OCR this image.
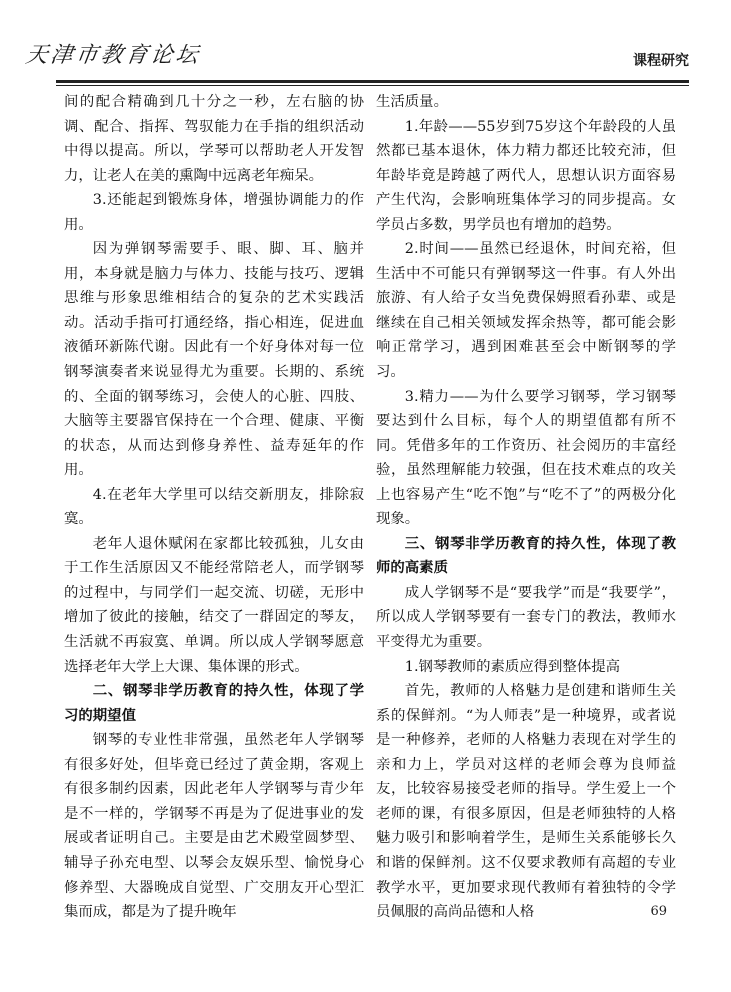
天津市教育论坛	课程研究

间的配合精确到几十分之一秒，左右脑的协调、配合、指挥、驾驭能力在手指的组织活动中得以提高。所以，学琴可以帮助老人开发智力，让老人在美的熏陶中远离老年痴呆。

3.还能起到锻炼身体，增强协调能力的作用。

因为弹钢琴需要手、眼、脚、耳、脑并用，本身就是脑力与体力、技能与技巧、逻辑思维与形象思维相结合的复杂的艺术实践活动。活动手指可打通经络，指心相连，促进血液循环新陈代谢。因此有一个好身体对每一位钢琴演奏者来说显得尤为重要。长期的、系统的、全面的钢琴练习，会使人的心脏、四肢、大脑等主要器官保持在一个合理、健康、平衡的状态，从而达到修身养性、益寿延年的作用。

4.在老年大学里可以结交新朋友，排除寂寞。

老年人退休赋闲在家都比较孤独，儿女由于工作生活原因又不能经常陪老人，而学钢琴的过程中，与同学们一起交流、切磋，无形中增加了彼此的接触，结交了一群固定的琴友，生活就不再寂寞、单调。所以成人学钢琴愿意选择老年大学上大课、集体课的形式。

二、钢琴非学历教育的持久性，体现了学习的期望值

钢琴的专业性非常强，虽然老年人学钢琴有很多好处，但毕竟已经过了黄金期，客观上有很多制约因素，因此老年人学钢琴与青少年是不一样的，学钢琴不再是为了促进事业的发展或者证明自己。主要是由艺术殿堂圆梦型、辅导子孙充电型、以琴会友娱乐型、愉悦身心修养型、大器晚成自觉型、广交朋友开心型汇集而成，都是为了提升晚年

生活质量。

1.年龄——55岁到75岁这个年龄段的人虽然都已基本退休，体力精力都还比较充沛，但年龄毕竟是跨越了两代人，思想认识方面容易产生代沟，会影响班集体学习的同步提高。女学员占多数，男学员也有增加的趋势。

2.时间——虽然已经退休，时间充裕，但生活中不可能只有弹钢琴这一件事。有人外出旅游、有人给子女当免费保姆照看孙辈、或是继续在自己相关领域发挥余热等，都可能会影响正常学习，遇到困难甚至会中断钢琴的学习。

3.精力——为什么要学习钢琴，学习钢琴要达到什么目标，每个人的期望值都有所不同。凭借多年的工作资历、社会阅历的丰富经验，虽然理解能力较强，但在技术难点的攻关上也容易产生“吃不饱”与“吃不了”的两极分化现象。

三、钢琴非学历教育的持久性，体现了教师的高素质

成人学钢琴不是“要我学”而是“我要学”，所以成人学钢琴要有一套专门的教法，教师水平变得尤为重要。

1.钢琴教师的素质应得到整体提高

首先，教师的人格魅力是创建和谐师生关系的保鲜剂。“为人师表”是一种境界，或者说是一种修养，老师的人格魅力表现在对学生的亲和力上，学员对这样的老师会尊为良师益友，比较容易接受老师的指导。学生爱上一个老师的课，有很多原因，但是老师独特的人格魅力吸引和影响着学生，是师生关系能够长久和谐的保鲜剂。这不仅要求教师有高超的专业教学水平，更加要求现代教师有着独特的令学员佩服的高尚品德和人格	69
